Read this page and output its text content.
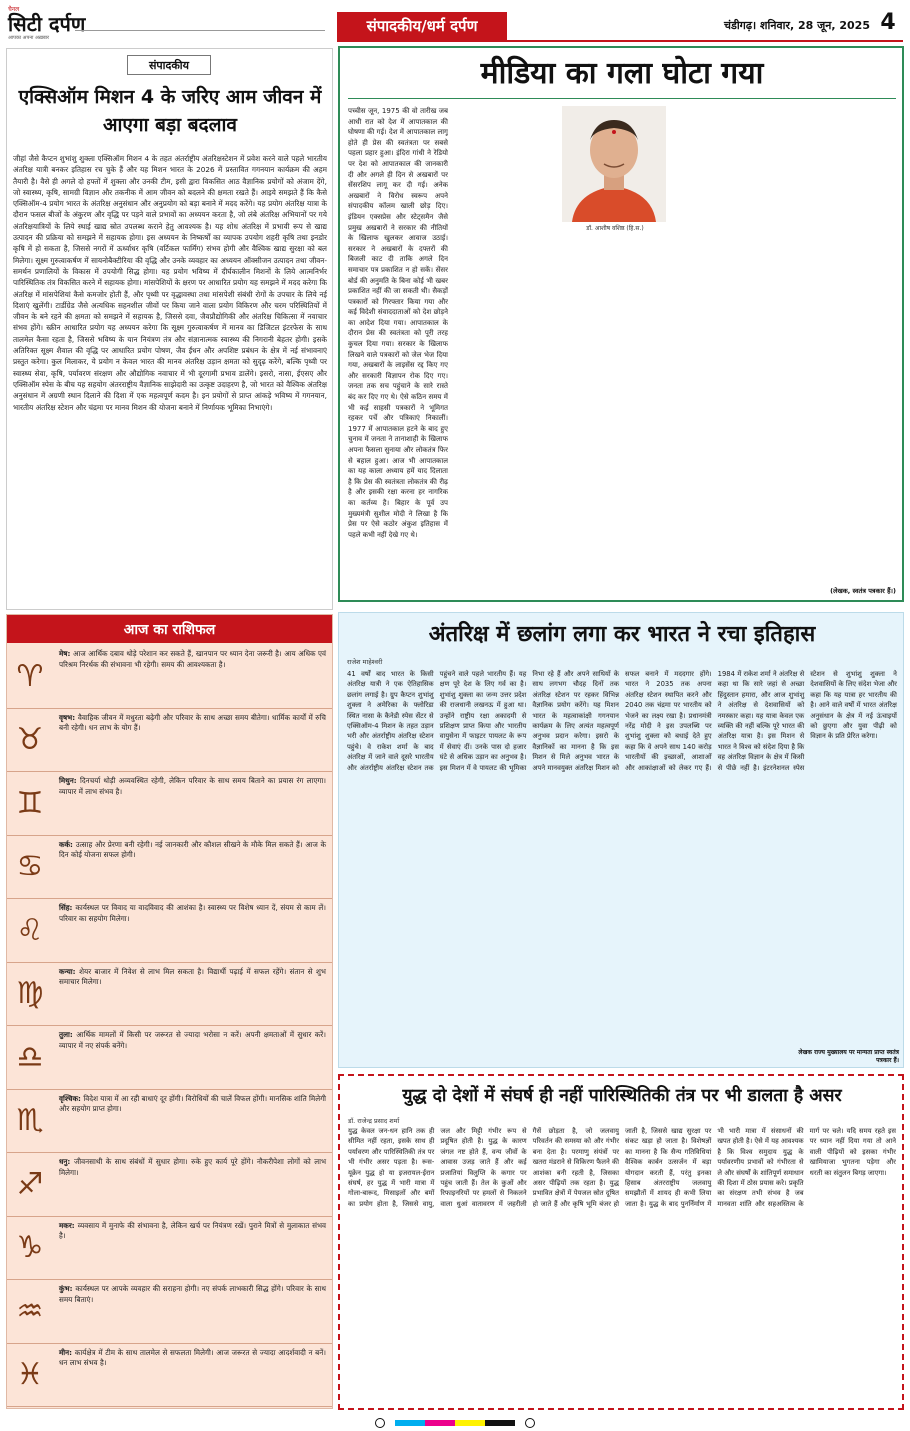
चैनल
सिटी दर्पण
आपका अपना अख़बार
संपादकीय/धर्म दर्पण	चंडीगढ़। शनिवार, 28 जून, 2025 4
संपादकीय
एक्सिऑम मिशन 4 के जरिए आम जीवन में आएगा बड़ा बदलाव
जीहां जैसे कैप्टन शुभांशु शुक्ला एक्सिऑम मिशन 4 के तहत अंतर्राष्ट्रीय अंतरिक्षस्टेशन में प्रवेश करने वाले पहले भारतीय अंतरिक्ष यात्री बनकर इतिहास रच चुके हैं और यह मिशन भारत के 2026 में प्रस्तावित गगनयान कार्यक्रम की अहम तैयारी है। वैसे ही अगले दो हफ्तों में शुक्ला और उनकी टीम, इसी द्वारा विकसित आठ वैज्ञानिक प्रयोगों को अंजाम देंगे, जो स्वास्थ्य, कृषि, सामग्री विज्ञान और तकनीक में आम जीवन को बदलने की क्षमता रखते हैं। आइये समझते हैं कि कैसे एक्सिऑम-4 प्रयोग भारत के अंतरिक्ष अनुसंधान और अनुप्रयोग को बड़ा बनाने में मदद करेंगे। यह प्रयोग अंतरिक्ष यात्रा के दौरान फसल बीजों के अंकुरण और वृद्धि पर पड़ने वाले प्रभावों का अध्ययन करता है, जो लंबे अंतरिक्ष अभियानों पर गये अंतरिक्षयात्रियों के लिये स्थाई खाद्य स्रोत उपलब्ध कराने हेतु आवश्यक है। यह शोध अंतरिक्ष में प्रभावी रूप से खाद्य उत्पादन की प्रक्रिया को समझने में सहायक होगा। इस अध्ययन के निष्कर्षों का व्यापक उपयोग शहरी कृषि तथा इनडोर कृषि में हो सकता है, जिससे नगरों में ऊर्ध्वाधर कृषि (वर्टिकल फार्मिंग) संभव होगी और वैश्विक खाद्य सुरक्षा को बल मिलेगा। सूक्ष्म गुरुत्वाकर्षण में सायनोबैक्टीरिया की वृद्धि और उनके व्यवहार का अध्ययन ऑक्सीजन उत्पादन तथा जीवन-समर्थन प्रणालियों के विकास में उपयोगी सिद्ध होगा। यह प्रयोग भविष्य में दीर्घकालीन मिशनों के लिये आत्मनिर्भर पारिस्थितिक तंत्र विकसित करने में सहायक होगा। मांसपेशियों के क्षरण पर आधारित प्रयोग यह समझने में मदद करेगा कि अंतरिक्ष में मांसपेशियां कैसे कमजोर होती हैं, और पृथ्वी पर वृद्धावस्था तथा मांसपेशी संबंधी रोगों के उपचार के लिये नई दिशाएं खुलेंगी। टार्डीग्रेड जैसे अत्यधिक सहनशील जीवों पर किया जाने वाला प्रयोग विकिरण और चरम परिस्थितियों में जीवन के बने रहने की क्षमता को समझने में सहायक है, जिससे दवा, जैवप्रौद्योगिकी और अंतरिक्ष चिकित्सा में नवाचार संभव होंगे। स्क्रीन आधारित प्रयोग यह अध्ययन करेगा कि सूक्ष्म गुरुत्वाकर्षण में मानव का डिजिटल इंटरफेस के साथ तालमेल कैसा रहता है, जिससे भविष्य के यान नियंत्रण तंत्र और संज्ञानात्मक स्वास्थ्य की निगरानी बेहतर होगी। इसके अतिरिक्त सूक्ष्म शैवाल की वृद्धि पर आधारित प्रयोग पोषण, जैव ईंधन और अपशिष्ट प्रबंधन के क्षेत्र में नई संभावनाएं प्रस्तुत करेगा। कुल मिलाकर, ये प्रयोग न केवल भारत की मानव अंतरिक्ष उड़ान क्षमता को सुदृढ़ करेंगे, बल्कि पृथ्वी पर स्वास्थ्य सेवा, कृषि, पर्यावरण संरक्षण और औद्योगिक नवाचार में भी दूरगामी प्रभाव डालेंगे। इसरो, नासा, ईएसए और एक्सिऑम स्पेस के बीच यह सहयोग अंतरराष्ट्रीय वैज्ञानिक साझेदारी का उत्कृष्ट उदाहरण है, जो भारत को वैश्विक अंतरिक्ष अनुसंधान में अग्रणी स्थान दिलाने की दिशा में एक महत्वपूर्ण कदम है। इन प्रयोगों से प्राप्त आंकड़े भविष्य में गगनयान, भारतीय अंतरिक्ष स्टेशन और चंद्रमा पर मानव मिशन की योजना बनाने में निर्णायक भूमिका निभाएंगे।
आज का राशिफल
♈
मेष: आज आर्थिक दबाव थोड़े परेशान कर सकते हैं, खानपान पर ध्यान देना जरूरी है। आय अधिक एवं परिश्रम निरर्थक की संभावना भी रहेगी। समय की आवश्यकता है।
♉
वृषभ: वैवाहिक जीवन में मधुरता बढ़ेगी और परिवार के साथ अच्छा समय बीतेगा। धार्मिक कार्यों में रुचि बनी रहेगी। धन लाभ के योग हैं।
♊
मिथुन: दिनचर्या थोड़ी अव्यवस्थित रहेगी, लेकिन परिवार के साथ समय बिताने का प्रयास रंग लाएगा। व्यापार में लाभ संभव है।
♋
कर्क: उत्साह और प्रेरणा बनी रहेगी। नई जानकारी और कौशल सीखने के मौके मिल सकते हैं। आज के दिन कोई योजना सफल होगी।
♌
सिंह: कार्यस्थल पर विवाद या वादविवाद की आशंका है। स्वास्थ्य पर विशेष ध्यान दें, संयम से काम लें। परिवार का सहयोग मिलेगा।
♍
कन्या: शेयर बाजार में निवेश से लाभ मिल सकता है। विद्यार्थी पढ़ाई में सफल रहेंगे। संतान से शुभ समाचार मिलेगा।
♎
तुला: आर्थिक मामलों में किसी पर जरूरत से ज्यादा भरोसा न करें। अपनी क्षमताओं में सुधार करें। व्यापार में नए संपर्क बनेंगे।
♏
वृश्चिक: विदेश यात्रा में आ रही बाधाएं दूर होंगी। विरोधियों की चालें विफल होंगी। मानसिक शांति मिलेगी और सहयोग प्राप्त होगा।
♐
धनु: जीवनसाथी के साथ संबंधों में सुधार होगा। रुके हुए कार्य पूरे होंगे। नौकरीपेशा लोगों को लाभ मिलेगा।
♑
मकर: व्यवसाय में मुनाफे की संभावना है, लेकिन खर्च पर नियंत्रण रखें। पुराने मित्रों से मुलाकात संभव है।
♒
कुंभ: कार्यस्थल पर आपके व्यवहार की सराहना होगी। नए संपर्क लाभकारी सिद्ध होंगे। परिवार के साथ समय बिताएं।
♓
मीन: कार्यक्षेत्र में टीम के साथ तालमेल से सफलता मिलेगी। आज जरूरत से ज्यादा आदर्शवादी न बनें। धन लाभ संभव है।
मीडिया का गला घोटा गया
डॉ. आशीष वशिष्ठ (हि.स.)
पच्चीस जून, 1975 की वो तारीख जब आधी रात को देश में आपातकाल की घोषणा की गई। देश में आपातकाल लागू होते ही प्रेस की स्वतंत्रता पर सबसे पहला प्रहार हुआ। इंदिरा गांधी ने रेडियो पर देश को आपातकाल की जानकारी दी और अगले ही दिन से अखबारों पर सेंसरशिप लागू कर दी गई। अनेक अखबारों ने विरोध स्वरूप अपने संपादकीय कॉलम खाली छोड़ दिए। इंडियन एक्सप्रेस और स्टेट्समैन जैसे प्रमुख अखबारों ने सरकार की नीतियों के खिलाफ खुलकर आवाज उठाई। सरकार ने अखबारों के दफ्तरों की बिजली काट दी ताकि अगले दिन समाचार पत्र प्रकाशित न हो सकें। सेंसर बोर्ड की अनुमति के बिना कोई भी खबर प्रकाशित नहीं की जा सकती थी। सैकड़ों पत्रकारों को गिरफ्तार किया गया और कई विदेशी संवाददाताओं को देश छोड़ने का आदेश दिया गया। आपातकाल के दौरान प्रेस की स्वतंत्रता को पूरी तरह कुचल दिया गया। सरकार के खिलाफ लिखने वाले पत्रकारों को जेल भेज दिया गया, अखबारों के लाइसेंस रद्द किए गए और सरकारी विज्ञापन रोक दिए गए। जनता तक सच पहुंचाने के सारे रास्ते बंद कर दिए गए थे। ऐसे कठिन समय में भी कई साहसी पत्रकारों ने भूमिगत रहकर पर्चे और पत्रिकाएं निकालीं। 1977 में आपातकाल हटने के बाद हुए चुनाव में जनता ने तानाशाही के खिलाफ अपना फैसला सुनाया और लोकतंत्र फिर से बहाल हुआ। आज भी आपातकाल का यह काला अध्याय हमें याद दिलाता है कि प्रेस की स्वतंत्रता लोकतंत्र की रीढ़ है और इसकी रक्षा करना हर नागरिक का कर्तव्य है। बिहार के पूर्व उप मुख्यमंत्री सुशील मोदी ने लिखा है कि प्रेस पर ऐसे कठोर अंकुश इतिहास में पहले कभी नहीं देखे गए थे।
(लेखक, स्वतंत्र पत्रकार हैं।)
अंतरिक्ष में छलांग लगा कर भारत ने रचा इतिहास
राजेश माहेश्वरी
41 वर्षों बाद भारत के किसी अंतरिक्ष यात्री ने एक ऐतिहासिक छलांग लगाई है। ग्रुप कैप्टन शुभांशु शुक्ला ने अमेरिका के फ्लोरिडा स्थित नासा के कैनेडी स्पेस सेंटर से एक्सिऑम-4 मिशन के तहत उड़ान भरी और अंतर्राष्ट्रीय अंतरिक्ष स्टेशन पहुंचे। वे राकेश शर्मा के बाद अंतरिक्ष में जाने वाले दूसरे भारतीय और अंतर्राष्ट्रीय अंतरिक्ष स्टेशन तक पहुंचने वाले पहले भारतीय हैं। यह क्षण पूरे देश के लिए गर्व का है। शुभांशु शुक्ला का जन्म उत्तर प्रदेश की राजधानी लखनऊ में हुआ था। उन्होंने राष्ट्रीय रक्षा अकादमी से प्रशिक्षण प्राप्त किया और भारतीय वायुसेना में फाइटर पायलट के रूप में सेवाएं दीं। उनके पास दो हजार घंटे से अधिक उड़ान का अनुभव है। इस मिशन में वे पायलट की भूमिका निभा रहे हैं और अपने साथियों के साथ लगभग चौदह दिनों तक अंतरिक्ष स्टेशन पर रहकर विभिन्न वैज्ञानिक प्रयोग करेंगे। यह मिशन भारत के महत्वाकांक्षी गगनयान कार्यक्रम के लिए अत्यंत महत्वपूर्ण अनुभव प्रदान करेगा। इसरो के वैज्ञानिकों का मानना है कि इस मिशन से मिले अनुभव भारत के अपने मानवयुक्त अंतरिक्ष मिशन को सफल बनाने में मददगार होंगे। भारत ने 2035 तक अपना अंतरिक्ष स्टेशन स्थापित करने और 2040 तक चंद्रमा पर भारतीय को भेजने का लक्ष्य रखा है। प्रधानमंत्री नरेंद्र मोदी ने इस उपलब्धि पर शुभांशु शुक्ला को बधाई देते हुए कहा कि वे अपने साथ 140 करोड़ भारतीयों की इच्छाओं, आशाओं और आकांक्षाओं को लेकर गए हैं। 1984 में राकेश शर्मा ने अंतरिक्ष से कहा था कि सारे जहां से अच्छा हिंदुस्तान हमारा, और आज शुभांशु ने अंतरिक्ष से देशवासियों को नमस्कार कहा। यह यात्रा केवल एक व्यक्ति की नहीं बल्कि पूरे भारत की अंतरिक्ष यात्रा है। इस मिशन से भारत ने विश्व को संदेश दिया है कि वह अंतरिक्ष विज्ञान के क्षेत्र में किसी से पीछे नहीं है। इंटरनेशनल स्पेस स्टेशन से शुभांशु शुक्ला ने देशवासियों के लिए संदेश भेजा और कहा कि यह यात्रा हर भारतीय की है। आने वाले वर्षों में भारत अंतरिक्ष अनुसंधान के क्षेत्र में नई ऊंचाइयों को छुएगा और युवा पीढ़ी को विज्ञान के प्रति प्रेरित करेगा।
लेखक राज्य मुख्यालय पर मान्यता प्राप्त स्वतंत्र पत्रकार हैं।
युद्ध दो देशों में संघर्ष ही नहीं पारिस्थितिकी तंत्र पर भी डालता है असर
डॉ. राजेन्द्र प्रसाद शर्मा
युद्ध केवल जन-धन हानि तक ही सीमित नहीं रहता, इसके साथ ही पर्यावरण और पारिस्थितिकी तंत्र पर भी गंभीर असर पड़ता है। रूस-यूक्रेन युद्ध हो या इजरायल-ईरान संघर्ष, हर युद्ध में भारी मात्रा में गोला-बारूद, मिसाइलों और बमों का प्रयोग होता है, जिससे वायु, जल और मिट्टी गंभीर रूप से प्रदूषित होती है। युद्ध के कारण जंगल नष्ट होते हैं, वन्य जीवों के आवास उजड़ जाते हैं और कई प्रजातियां विलुप्ति के कगार पर पहुंच जाती हैं। तेल के कुओं और रिफाइनरियों पर हमलों से निकलने वाला धुआं वातावरण में जहरीली गैसें छोड़ता है, जो जलवायु परिवर्तन की समस्या को और गंभीर बना देता है। परमाणु संयंत्रों पर खतरा मंडराने से विकिरण फैलने की आशंका बनी रहती है, जिसका असर पीढ़ियों तक रहता है। युद्ध प्रभावित क्षेत्रों में पेयजल स्रोत दूषित हो जाते हैं और कृषि भूमि बंजर हो जाती है, जिससे खाद्य सुरक्षा पर संकट खड़ा हो जाता है। विशेषज्ञों का मानना है कि सैन्य गतिविधियां वैश्विक कार्बन उत्सर्जन में बड़ा योगदान करती हैं, परंतु इनका हिसाब अंतरराष्ट्रीय जलवायु समझौतों में शायद ही कभी लिया जाता है। युद्ध के बाद पुनर्निर्माण में भी भारी मात्रा में संसाधनों की खपत होती है। ऐसे में यह आवश्यक है कि विश्व समुदाय युद्ध के पर्यावरणीय प्रभावों को गंभीरता से ले और संघर्षों के शांतिपूर्ण समाधान की दिशा में ठोस प्रयास करे। प्रकृति का संरक्षण तभी संभव है जब मानवता शांति और सहअस्तित्व के मार्ग पर चले। यदि समय रहते इस पर ध्यान नहीं दिया गया तो आने वाली पीढ़ियों को इसका गंभीर खामियाजा भुगतना पड़ेगा और धरती का संतुलन बिगड़ जाएगा।
